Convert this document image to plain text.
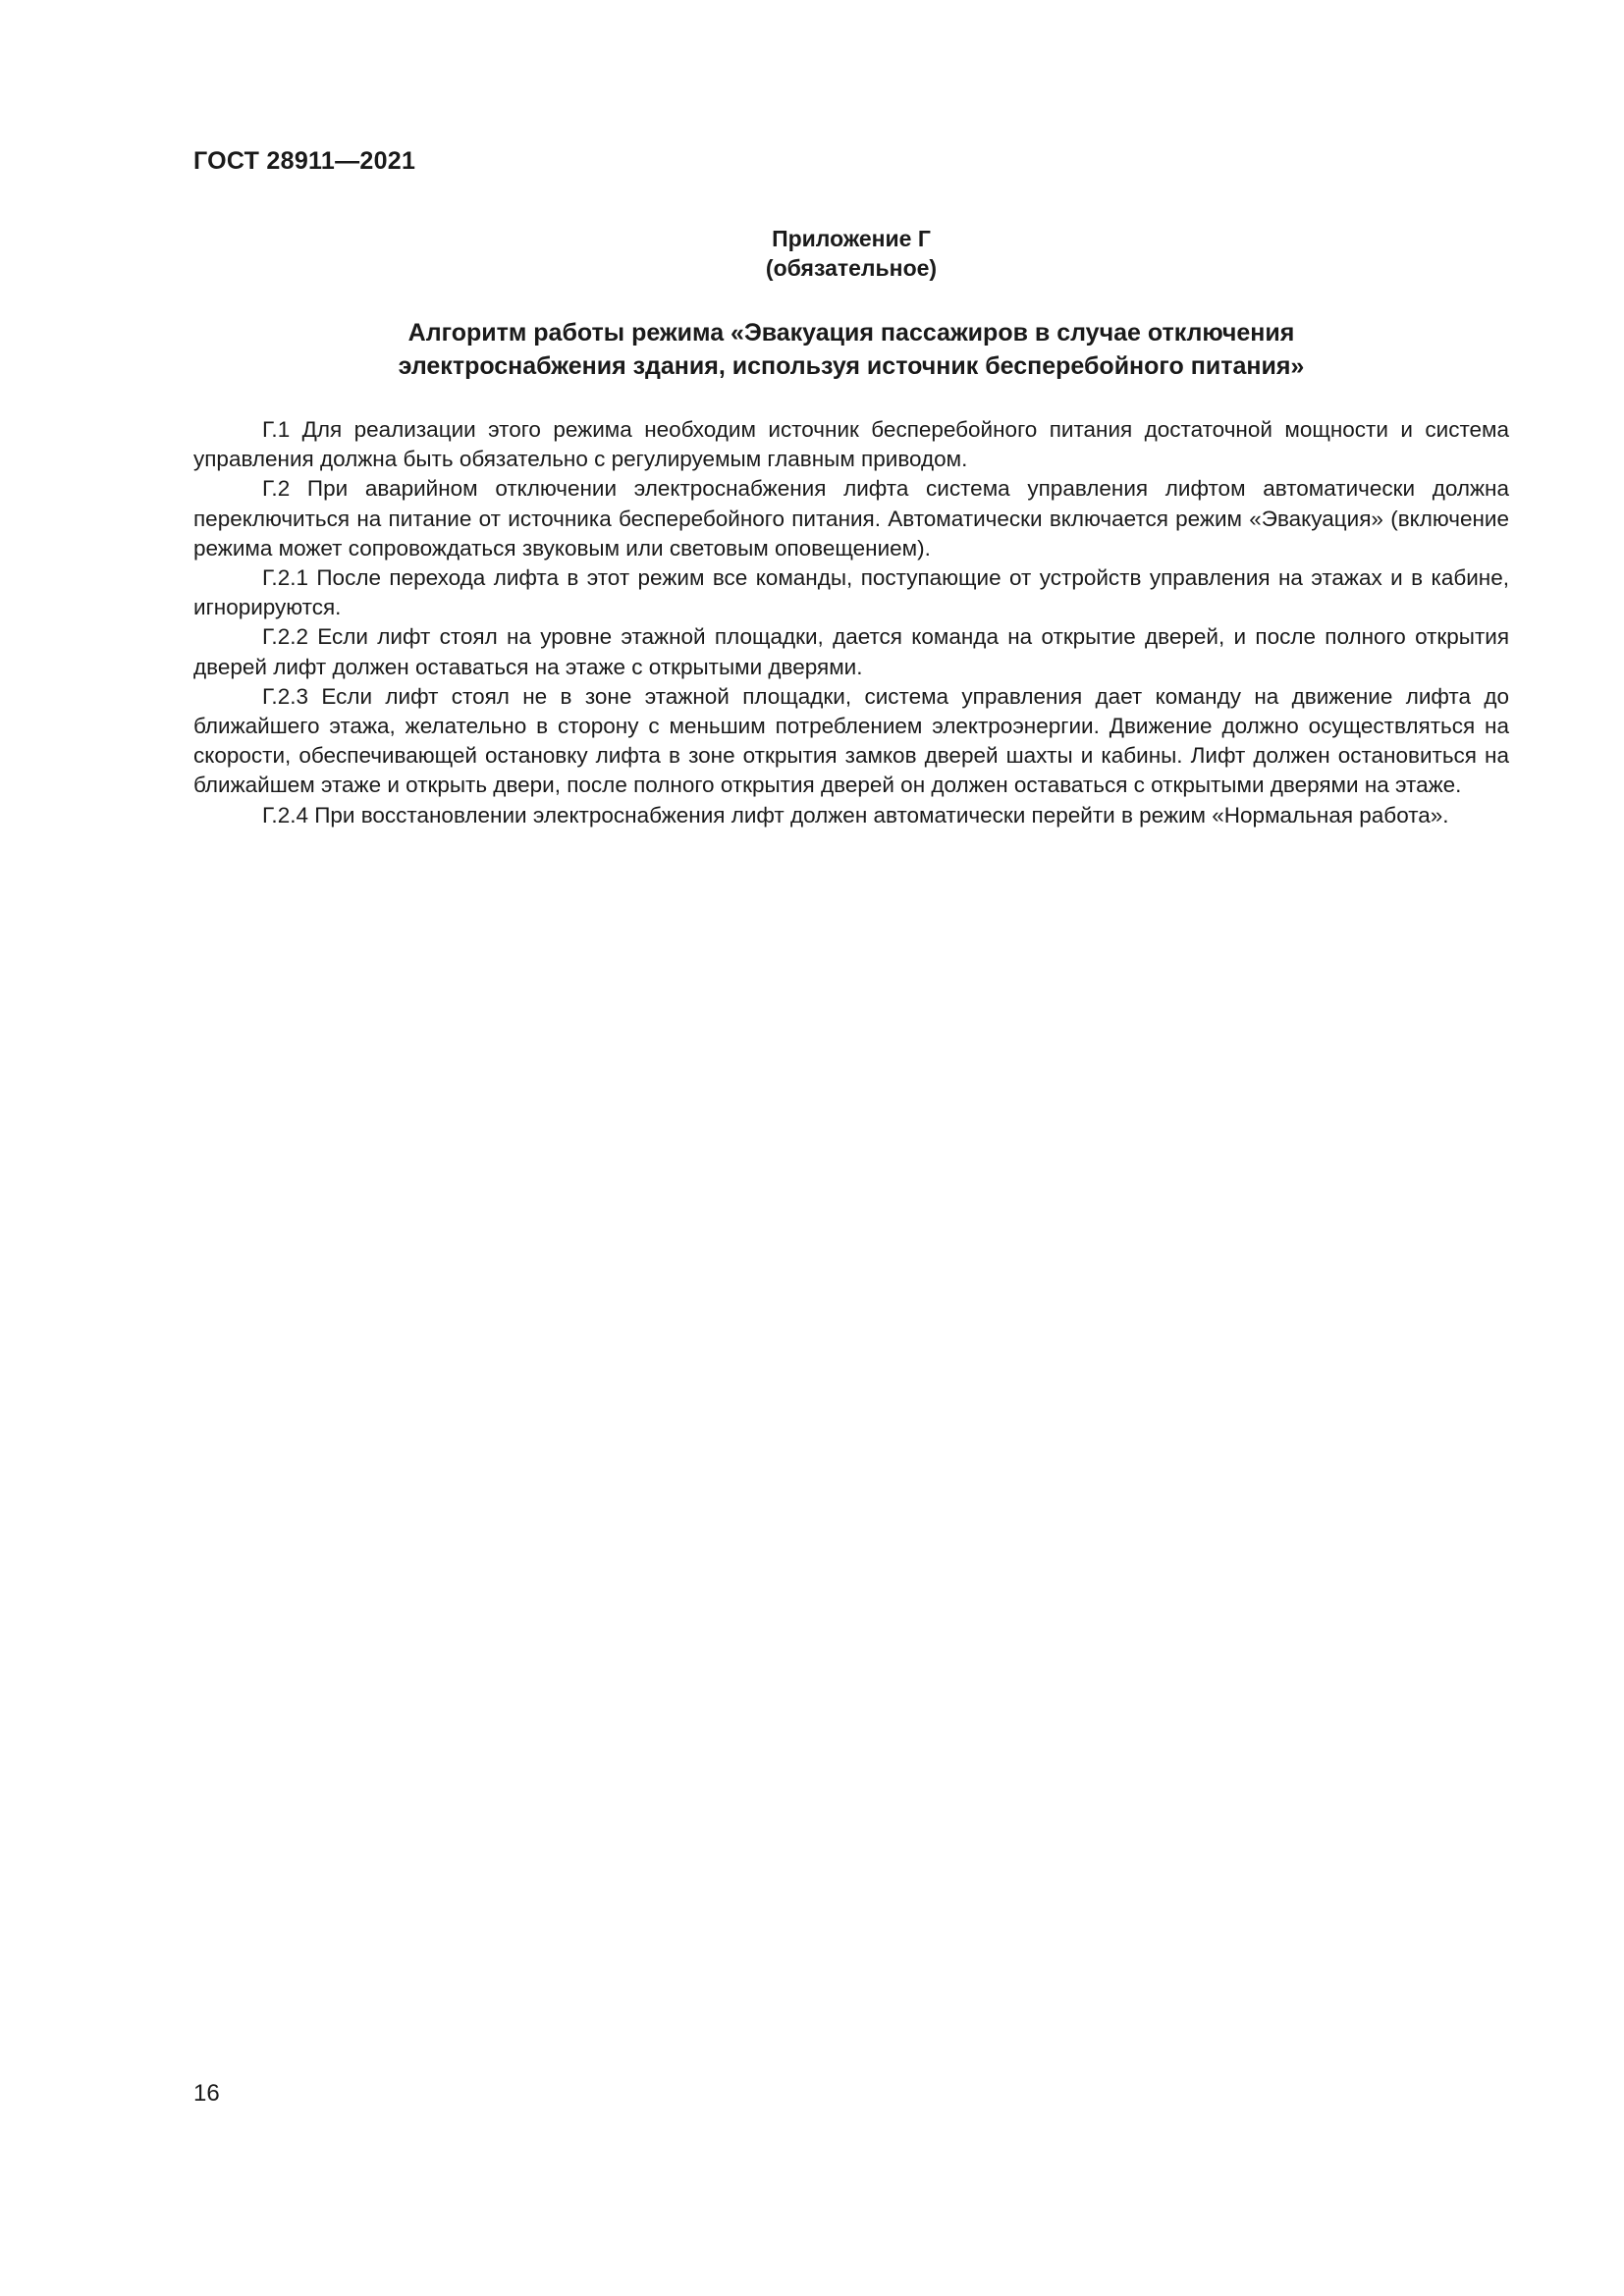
ГОСТ 28911—2021
Приложение Г
(обязательное)
Алгоритм работы режима «Эвакуация пассажиров в случае отключения
электроснабжения здания, используя источник бесперебойного питания»

Г.1 Для реализации этого режима необходим источник бесперебойного питания достаточной мощности и система управления должна быть обязательно с регулируемым главным приводом.

Г.2 При аварийном отключении электроснабжения лифта система управления лифтом автоматически должна переключиться на питание от источника бесперебойного питания. Автоматически включается режим «Эвакуация» (включение режима может сопровождаться звуковым или световым оповещением).

Г.2.1 После перехода лифта в этот режим все команды, поступающие от устройств управления на этажах и в кабине, игнорируются.

Г.2.2 Если лифт стоял на уровне этажной площадки, дается команда на открытие дверей, и после полного открытия дверей лифт должен оставаться на этаже с открытыми дверями.

Г.2.3 Если лифт стоял не в зоне этажной площадки, система управления дает команду на движение лифта до ближайшего этажа, желательно в сторону с меньшим потреблением электроэнергии. Движение должно осуществляться на скорости, обеспечивающей остановку лифта в зоне открытия замков дверей шахты и кабины. Лифт должен остановиться на ближайшем этаже и открыть двери, после полного открытия дверей он должен оставаться с открытыми дверями на этаже.

Г.2.4 При восстановлении электроснабжения лифт должен автоматически перейти в режим «Нормальная работа».

16
